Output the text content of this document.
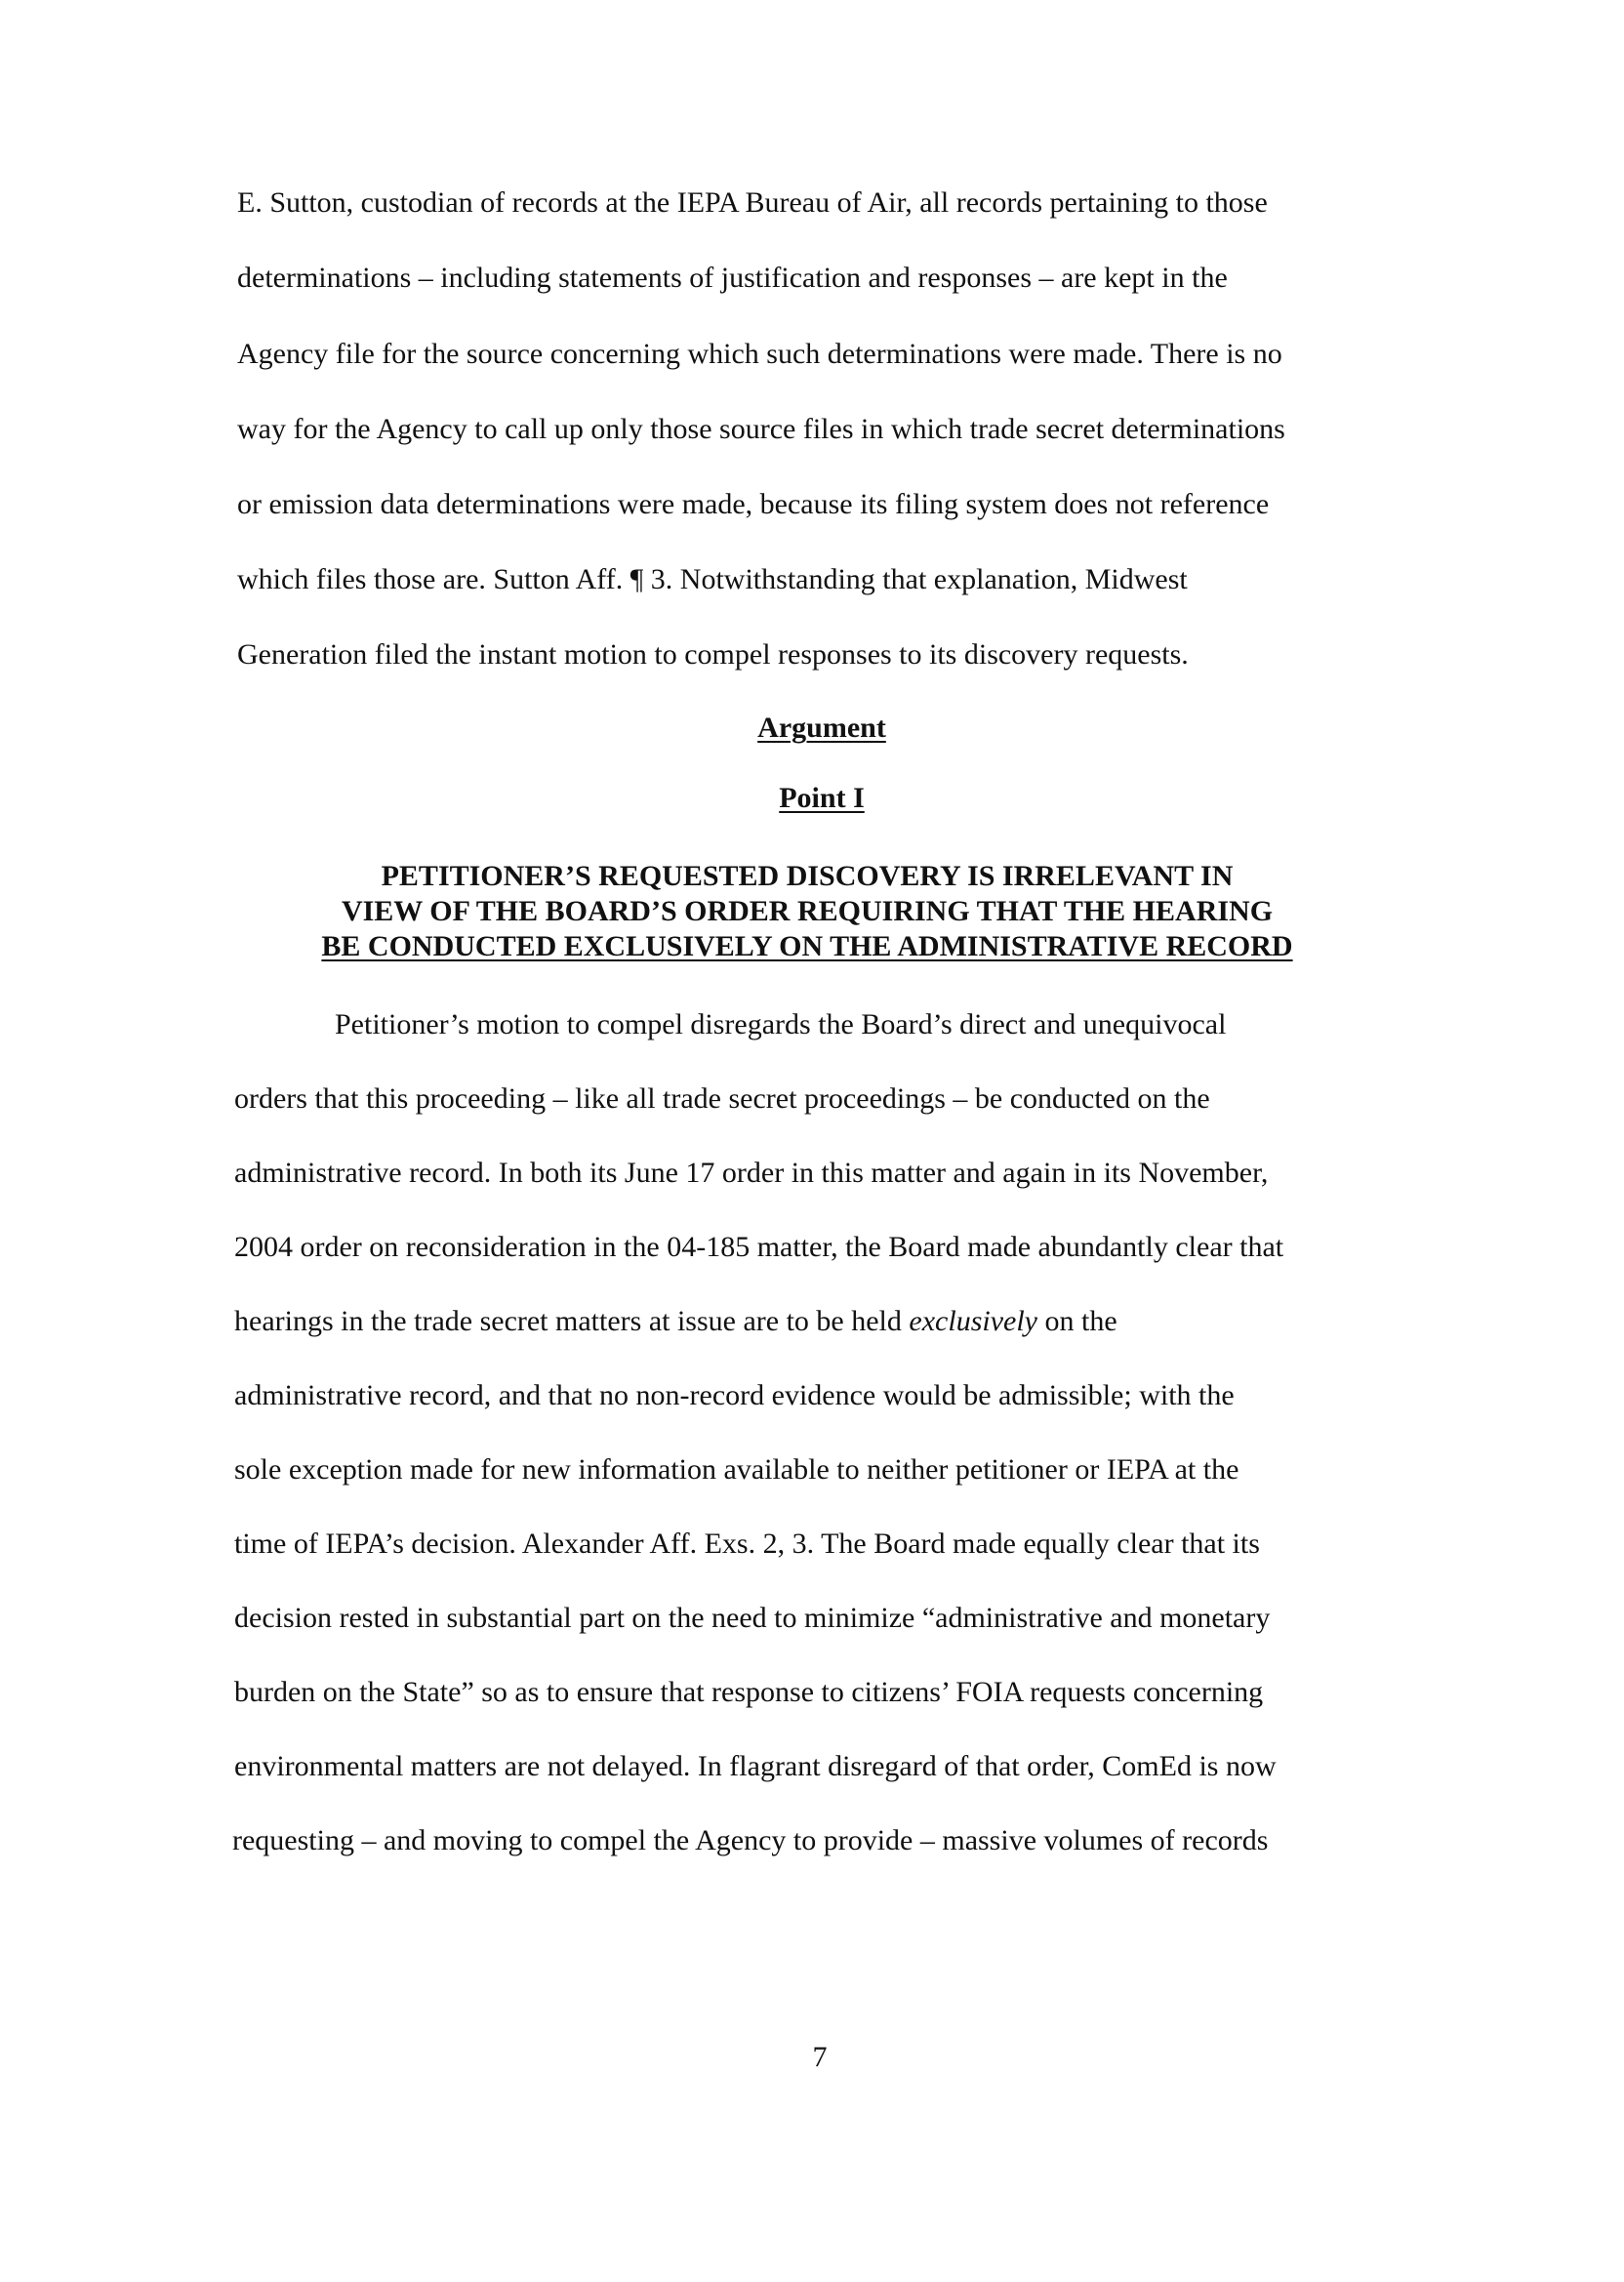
E. Sutton, custodian of records at the IEPA Bureau of Air, all records pertaining to those
determinations – including statements of justification and responses – are kept in the
Agency file for the source concerning which such determinations were made. There is no
way for the Agency to call up only those source files in which trade secret determinations
or emission data determinations were made, because its filing system does not reference
which files those are. Sutton Aff. ¶ 3. Notwithstanding that explanation, Midwest
Generation filed the instant motion to compel responses to its discovery requests.
Argument
Point I
PETITIONER’S REQUESTED DISCOVERY IS IRRELEVANT IN
VIEW OF THE BOARD’S ORDER REQUIRING THAT THE HEARING
BE CONDUCTED EXCLUSIVELY ON THE ADMINISTRATIVE RECORD
Petitioner’s motion to compel disregards the Board’s direct and unequivocal
orders that this proceeding – like all trade secret proceedings – be conducted on the
administrative record. In both its June 17 order in this matter and again in its November,
2004 order on reconsideration in the 04-185 matter, the Board made abundantly clear that
hearings in the trade secret matters at issue are to be held exclusively on the
administrative record, and that no non-record evidence would be admissible; with the
sole exception made for new information available to neither petitioner or IEPA at the
time of IEPA’s decision. Alexander Aff. Exs. 2, 3. The Board made equally clear that its
decision rested in substantial part on the need to minimize “administrative and monetary
burden on the State” so as to ensure that response to citizens’ FOIA requests concerning
environmental matters are not delayed. In flagrant disregard of that order, ComEd is now
requesting – and moving to compel the Agency to provide – massive volumes of records
7
